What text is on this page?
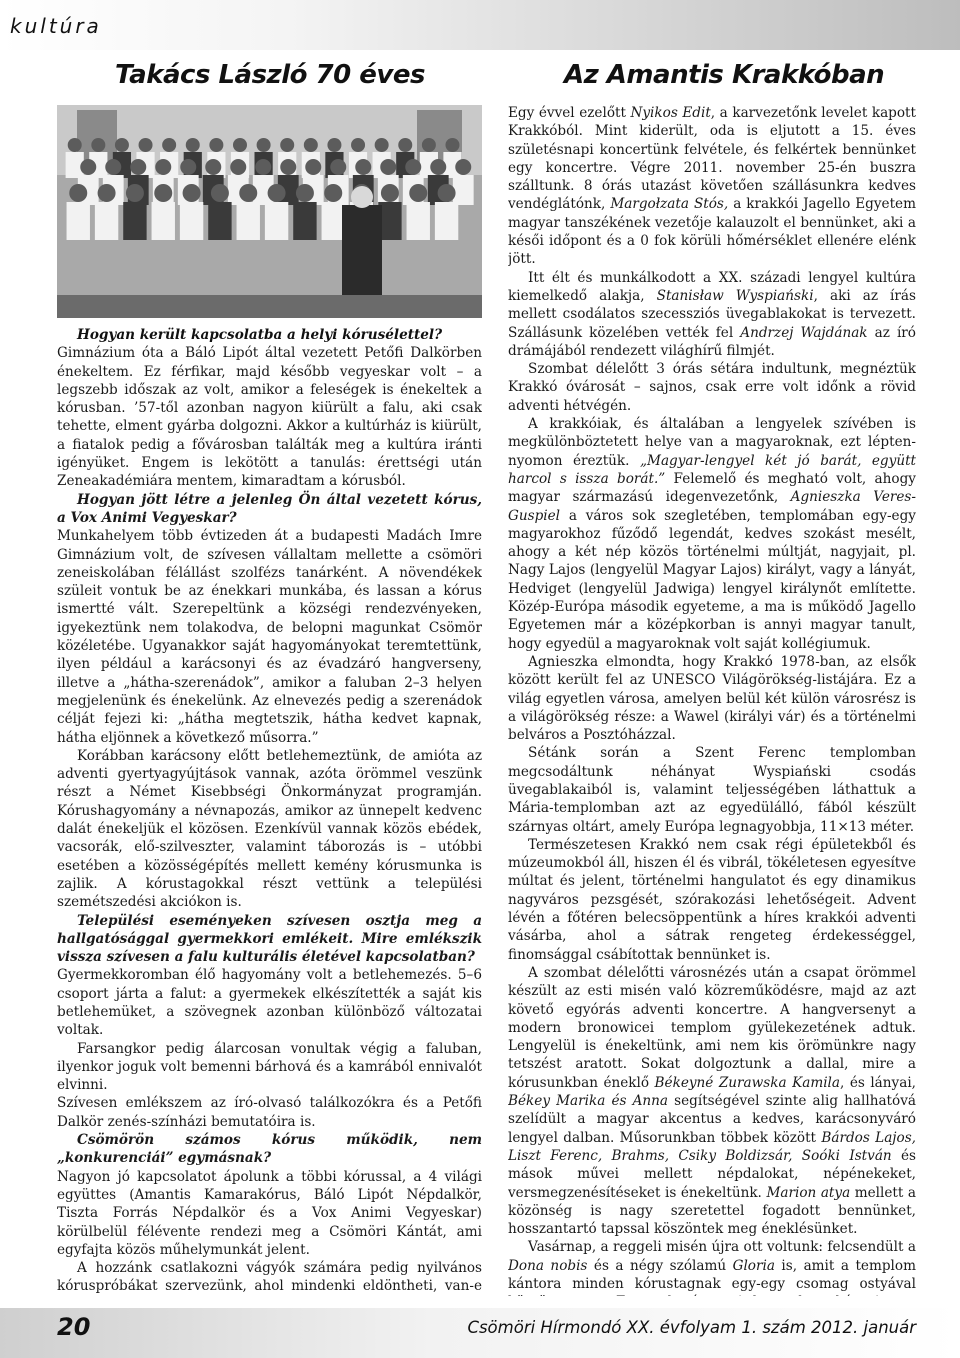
kultúra
Takács László 70 éves	Az Amantis Krakkóban

Hogyan került kapcsolatba a helyi kórusélettel?

Gimnázium óta a Báló Lipót által vezetett Petőfi Dalkörben énekeltem. Ez férfikar, majd később vegyeskar volt – a legszebb időszak az volt, amikor a feleségek is énekeltek a kórusban. ’57-től azonban nagyon kiürült a falu, aki csak tehette, elment gyárba dolgozni. Akkor a kultúrház is kiürült, a fiatalok pedig a fővárosban találták meg a kultúra iránti igényüket. Engem is lekötött a tanulás: érettségi után Zeneakadémiára mentem, kimaradtam a kórusból.

Hogyan jött létre a jelenleg Ön által vezetett kórus, a Vox Animi Vegyeskar?

Munkahelyem több évtizeden át a budapesti Madách Imre Gimnázium volt, de szívesen vállaltam mellette a csömöri zeneiskolában félállást szolfézs tanárként. A növendékek szüleit vontuk be az énekkari munkába, és lassan a kórus ismertté vált. Szerepeltünk a községi rendezvényeken, igyekeztünk nem tolakodva, de belopni magunkat Csömör közéletébe. Ugyanakkor saját hagyományokat teremtettünk, ilyen például a karácsonyi és az évadzáró hangverseny, illetve a „hátha-szerenádok”, amikor a faluban 2–3 helyen megjelenünk és énekelünk. Az elnevezés pedig a szerenádok célját fejezi ki: „hátha megtetszik, hátha kedvet kapnak, hátha eljönnek a következő műsorra.”

Korábban karácsony előtt betlehemeztünk, de amióta az adventi gyertyagyújtások vannak, azóta örömmel veszünk részt a Német Kisebbségi Önkormányzat programján. Kórushagyomány a névnapozás, amikor az ünnepelt kedvenc dalát énekeljük el közösen. Ezenkívül vannak közös ebédek, vacsorák, elő-szilveszter, valamint táborozás is – utóbbi esetében a közösségépítés mellett kemény kórusmunka is zajlik. A kórustagokkal részt vettünk a települési szemétszedési akciókon is.

Települési eseményeken szívesen osztja meg a hallgatósággal gyermekkori emlékeit. Mire emlékszik vissza szívesen a falu kulturális életével kapcsolatban?

Gyermekkoromban élő hagyomány volt a betlehemezés. 5–6 csoport járta a falut: a gyermekek elkészítették a saját kis betlehemüket, a szövegnek azonban különböző változatai voltak.

Farsangkor pedig álarcosan vonultak végig a faluban, ilyenkor joguk volt bemenni bárhová és a kamrából ennivalót elvinni.

Szívesen emlékszem az író-olvasó találkozókra és a Petőfi Dalkör zenés-színházi bemutatóira is.

Csömörön számos kórus működik, nem „konkurenciái” egymásnak?

Nagyon jó kapcsolatot ápolunk a többi kórussal, a 4 világi együttes (Amantis Kamarakórus, Báló Lipót Népdalkör, Tiszta Forrás Népdalkör és a Vox Animi Vegyeskar) körülbelül félévente rendezi meg a Csömöri Kántát, ami egyfajta közös műhelymunkát jelent.

A hozzánk csatlakozni vágyók számára pedig nyilvános kóruspróbákat szervezünk, ahol mindenki eldöntheti, van-e

Egy évvel ezelőtt Nyikos Edit, a karvezetőnk levelet kapott Krakkóból. Mint kiderült, oda is eljutott a 15. éves születésnapi koncertünk felvétele, és felkértek bennünket egy koncertre. Végre 2011. november 25-én buszra szálltunk. 8 órás utazást követően szállásunkra kedves vendéglátónk, Margołzata Stós, a krakkói Jagello Egyetem magyar tanszékének vezetője kalauzolt el bennünket, aki a késői időpont és a 0 fok körüli hőmérséklet ellenére elénk jött.

Itt élt és munkálkodott a XX. századi lengyel kultúra kiemelkedő alakja, Stanisław Wyspiański, aki az írás mellett csodálatos szecessziós üvegablakokat is tervezett. Szállásunk közelében vették fel Andrzej Wajdának az író drámájából rendezett világhírű filmjét.

Szombat délelőtt 3 órás sétára indultunk, megnéztük Krakkó óvárosát – sajnos, csak erre volt időnk a rövid adventi hétvégén.

A krakkóiak, és általában a lengyelek szívében is megkülönböztetett helye van a magyaroknak, ezt lépten-nyomon éreztük. „Magyar-lengyel két jó barát, együtt harcol s issza borát.” Felemelő és megható volt, ahogy magyar származású idegenvezetőnk, Agnieszka Veres-Guspiel a város sok szegletében, templomában egy-egy magyarokhoz fűződő legendát, kedves szokást mesélt, ahogy a két nép közös történelmi múltját, nagyjait, pl. Nagy Lajos (lengyelül Magyar Lajos) királyt, vagy a lányát, Hedviget (lengyelül Jadwiga) lengyel királynőt említette. Közép-Európa második egyeteme, a ma is működő Jagello Egyetemen már a középkorban is annyi magyar tanult, hogy egyedül a magyaroknak volt saját kollégiumuk.

Agnieszka elmondta, hogy Krakkó 1978-ban, az elsők között került fel az UNESCO Világörökség-listájára. Ez a világ egyetlen városa, amelyen belül két külön városrész is a világörökség része: a Wawel (királyi vár) és a történelmi belváros a Posztóházzal.

Sétánk során a Szent Ferenc templomban megcsodáltunk néhányat Wyspiański csodás üvegablakaiból is, valamint teljességében láthattuk a Mária-templomban azt az egyedülálló, fából készült szárnyas oltárt, amely Európa legnagyobbja, 11×13 méter.

Természetesen Krakkó nem csak régi épületekből és múzeumokból áll, hiszen él és vibrál, tökéletesen egyesítve múltat és jelent, történelmi hangulatot és egy dinamikus nagyváros pezsgését, szórakozási lehetőségeit. Advent lévén a főtéren belecsöppentünk a híres krakkói adventi vásárba, ahol a sátrak rengeteg érdekességgel, finomsággal csábítottak bennünket is.

A szombat délelőtti városnézés után a csapat örömmel készült az esti misén való közreműködésre, majd az azt követő egyórás adventi koncertre. A hangversenyt a modern bronowicei templom gyülekezetének adtuk. Lengyelül is énekeltünk, ami nem kis örömünkre nagy tetszést aratott. Sokat dolgoztunk a dallal, mire a kórusunkban éneklő Békeyné Zurawska Kamila, és lányai, Békey Marika és Anna segítségével szinte alig hallhatóvá szelídült a magyar akcentus a kedves, karácsonyváró lengyel dalban. Műsorunkban többek között Bárdos Lajos, Liszt Ferenc, Brahms, Csiky Boldizsár, Soóki István és mások művei mellett népdalokat, népénekeket, versmegzenésítéseket is énekeltünk. Marion atya mellett a közönség is nagy szeretettel fogadott bennünket, hosszantartó tapssal köszöntek meg éneklésünket.

Vasárnap, a reggeli misén újra ott voltunk: felcsendült a Dona nobis és a négy szólamú Gloria is, amit a templom kántora minden kórustagnak egy-egy csomag ostyával

20	Csömöri Hírmondó XX. évfolyam 1. szám 2012. január
